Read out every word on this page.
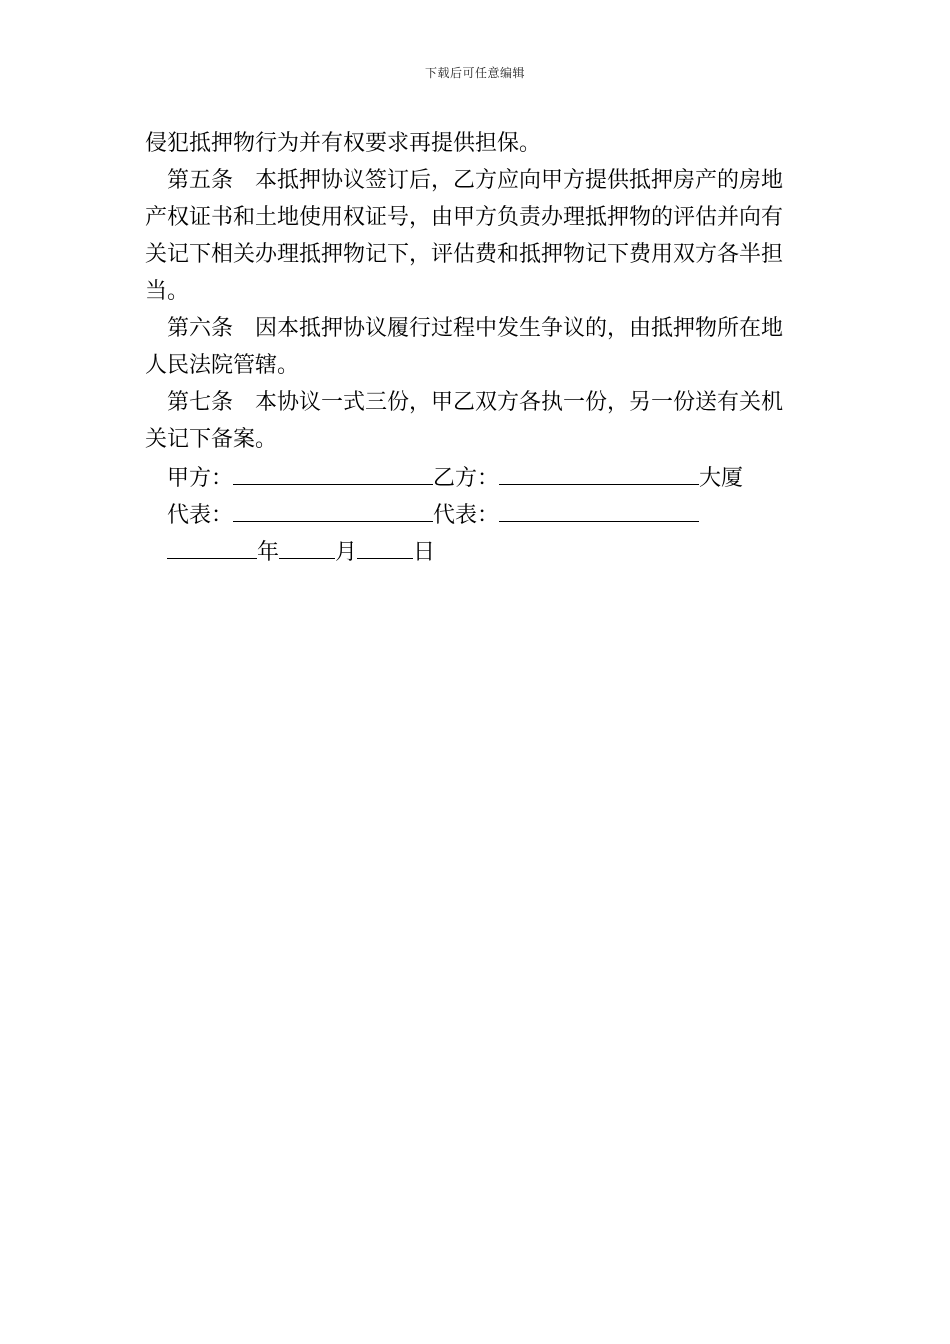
下载后可任意编辑
侵犯抵押物行为并有权要求再提供担保。
第五条　本抵押协议签订后，乙方应向甲方提供抵押房产的房地
产权证书和土地使用权证号，由甲方负责办理抵押物的评估并向有
关记下相关办理抵押物记下，评估费和抵押物记下费用双方各半担
当。
第六条　因本抵押协议履行过程中发生争议的，由抵押物所在地
人民法院管辖。
第七条　本协议一式三份，甲乙双方各执一份，另一份送有关机
关记下备案。
甲方：	乙方：	大厦
代表：	代表：
年	月	日
